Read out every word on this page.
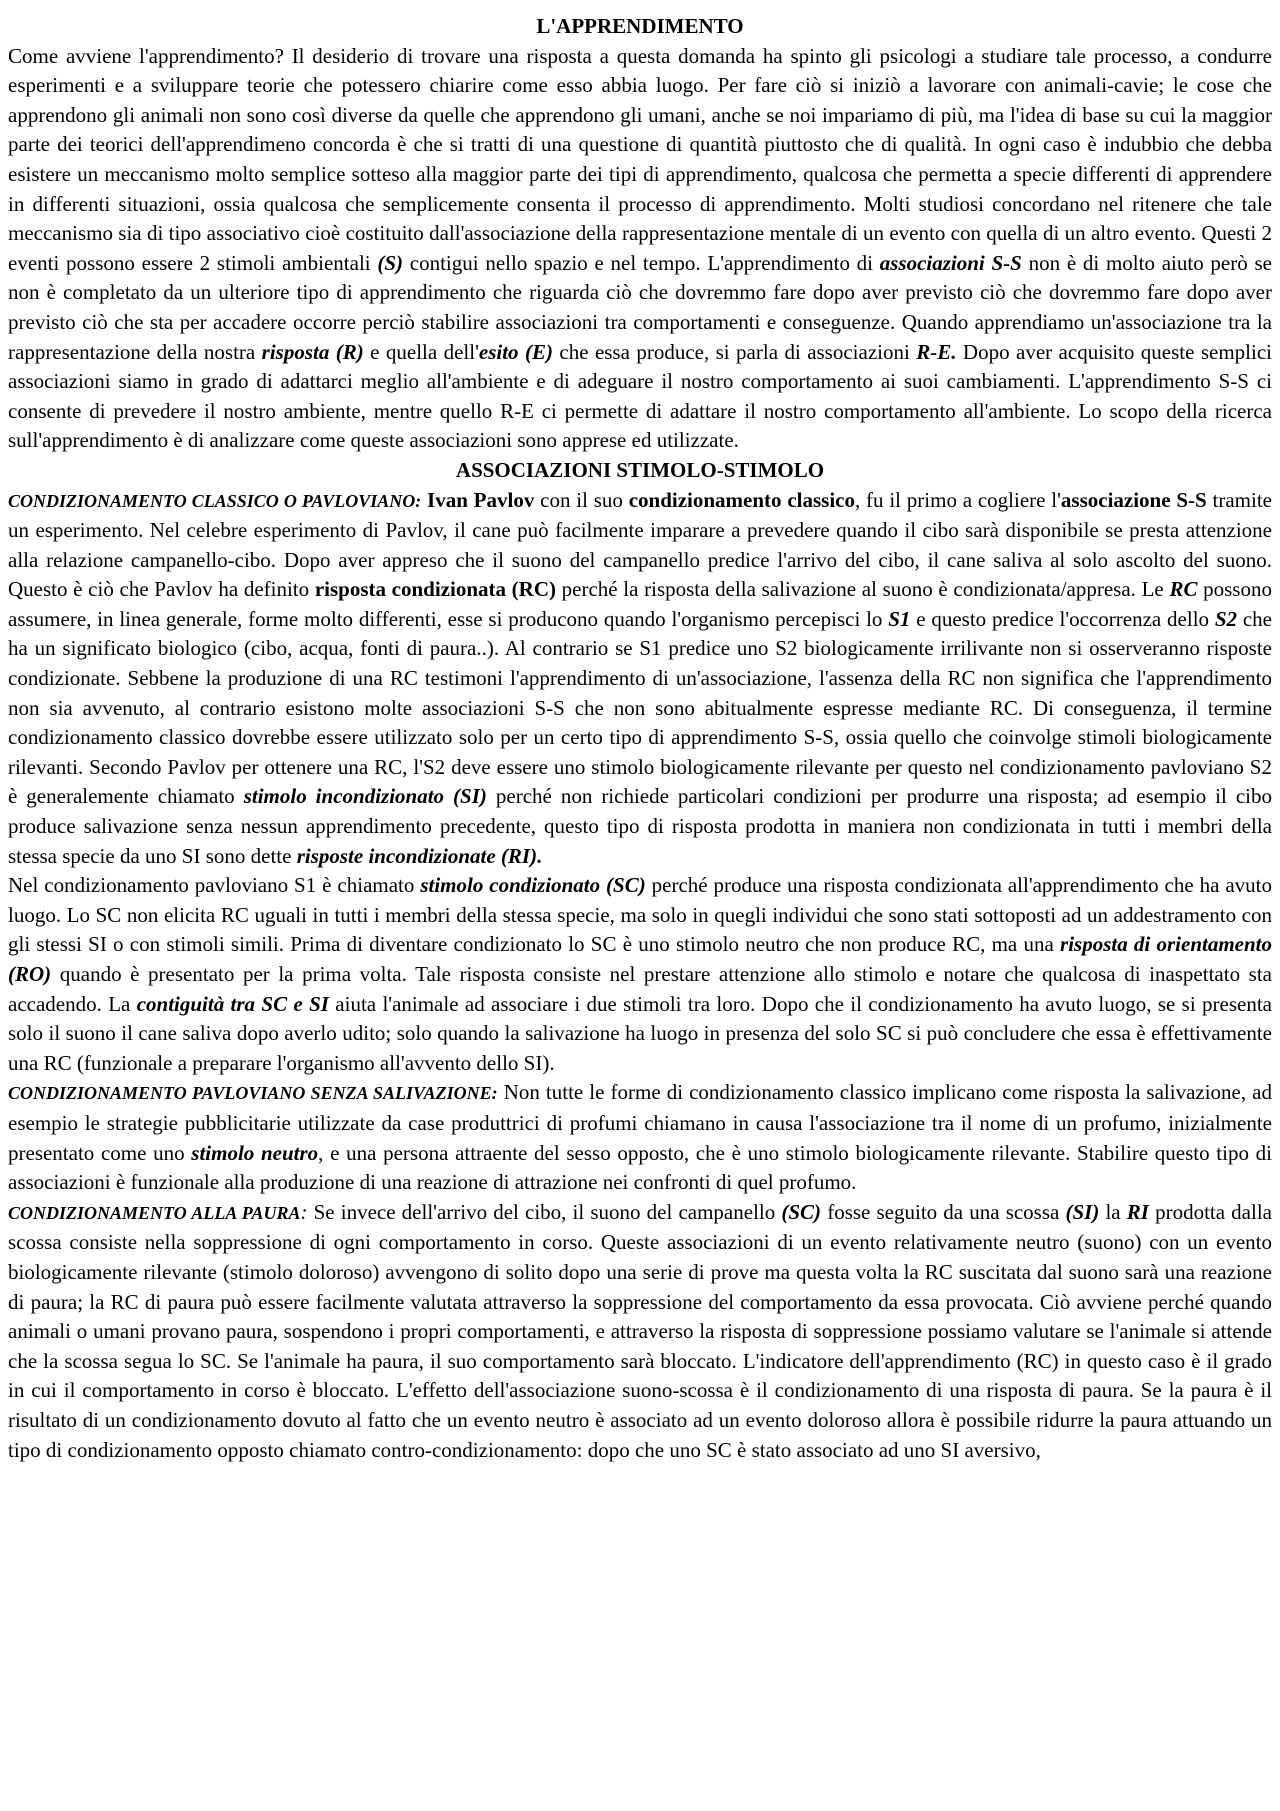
L'APPRENDIMENTO
Come avviene l'apprendimento? Il desiderio di trovare una risposta a questa domanda ha spinto gli psicologi a studiare tale processo, a condurre esperimenti e a sviluppare teorie che potessero chiarire come esso abbia luogo. Per fare ciò si iniziò a lavorare con animali-cavie; le cose che apprendono gli animali non sono così diverse da quelle che apprendono gli umani, anche se noi impariamo di più, ma l'idea di base su cui la maggior parte dei teorici dell'apprendimeno concorda è che si tratti di una questione di quantità piuttosto che di qualità. In ogni caso è indubbio che debba esistere un meccanismo molto semplice sotteso alla maggior parte dei tipi di apprendimento, qualcosa che permetta a specie differenti di apprendere in differenti situazioni, ossia qualcosa che semplicemente consenta il processo di apprendimento. Molti studiosi concordano nel ritenere che tale meccanismo sia di tipo associativo cioè costituito dall'associazione della rappresentazione mentale di un evento con quella di un altro evento. Questi 2 eventi possono essere 2 stimoli ambientali (S) contigui nello spazio e nel tempo. L'apprendimento di associazioni S-S non è di molto aiuto però se non è completato da un ulteriore tipo di apprendimento che riguarda ciò che dovremmo fare dopo aver previsto ciò che dovremmo fare dopo aver previsto ciò che sta per accadere occorre perciò stabilire associazioni tra comportamenti e conseguenze. Quando apprendiamo un'associazione tra la rappresentazione della nostra risposta (R) e quella dell'esito (E) che essa produce, si parla di associazioni R-E. Dopo aver acquisito queste semplici associazioni siamo in grado di adattarci meglio all'ambiente e di adeguare il nostro comportamento ai suoi cambiamenti. L'apprendimento S-S ci consente di prevedere il nostro ambiente, mentre quello R-E ci permette di adattare il nostro comportamento all'ambiente. Lo scopo della ricerca sull'apprendimento è di analizzare come queste associazioni sono apprese ed utilizzate.
ASSOCIAZIONI STIMOLO-STIMOLO
CONDIZIONAMENTO CLASSICO O PAVLOVIANO: Ivan Pavlov con il suo condizionamento classico, fu il primo a cogliere l'associazione S-S tramite un esperimento. Nel celebre esperimento di Pavlov, il cane può facilmente imparare a prevedere quando il cibo sarà disponibile se presta attenzione alla relazione campanello-cibo. Dopo aver appreso che il suono del campanello predice l'arrivo del cibo, il cane saliva al solo ascolto del suono. Questo è ciò che Pavlov ha definito risposta condizionata (RC) perché la risposta della salivazione al suono è condizionata/appresa. Le RC possono assumere, in linea generale, forme molto differenti, esse si producono quando l'organismo percepisci lo S1 e questo predice l'occorrenza dello S2 che ha un significato biologico (cibo, acqua, fonti di paura..). Al contrario se S1 predice uno S2 biologicamente irrilivante non si osserveranno risposte condizionate. Sebbene la produzione di una RC testimoni l'apprendimento di un'associazione, l'assenza della RC non significa che l'apprendimento non sia avvenuto, al contrario esistono molte associazioni S-S che non sono abitualmente espresse mediante RC. Di conseguenza, il termine condizionamento classico dovrebbe essere utilizzato solo per un certo tipo di apprendimento S-S, ossia quello che coinvolge stimoli biologicamente rilevanti. Secondo Pavlov per ottenere una RC, l'S2 deve essere uno stimolo biologicamente rilevante per questo nel condizionamento pavloviano S2 è generalemente chiamato stimolo incondizionato (SI) perché non richiede particolari condizioni per produrre una risposta; ad esempio il cibo produce salivazione senza nessun apprendimento precedente, questo tipo di risposta prodotta in maniera non condizionata in tutti i membri della stessa specie da uno SI sono dette risposte incondizionate (RI).
Nel condizionamento pavloviano S1 è chiamato stimolo condizionato (SC) perché produce una risposta condizionata all'apprendimento che ha avuto luogo. Lo SC non elicita RC uguali in tutti i membri della stessa specie, ma solo in quegli individui che sono stati sottoposti ad un addestramento con gli stessi SI o con stimoli simili. Prima di diventare condizionato lo SC è uno stimolo neutro che non produce RC, ma una risposta di orientamento (RO) quando è presentato per la prima volta. Tale risposta consiste nel prestare attenzione allo stimolo e notare che qualcosa di inaspettato sta accadendo. La contiguità tra SC e SI aiuta l'animale ad associare i due stimoli tra loro. Dopo che il condizionamento ha avuto luogo, se si presenta solo il suono il cane saliva dopo averlo udito; solo quando la salivazione ha luogo in presenza del solo SC si può concludere che essa è effettivamente una RC (funzionale a preparare l'organismo all'avvento dello SI).
CONDIZIONAMENTO PAVLOVIANO SENZA SALIVAZIONE: Non tutte le forme di condizionamento classico implicano come risposta la salivazione, ad esempio le strategie pubblicitarie utilizzate da case produttrici di profumi chiamano in causa l'associazione tra il nome di un profumo, inizialmente presentato come uno stimolo neutro, e una persona attraente del sesso opposto, che è uno stimolo biologicamente rilevante. Stabilire questo tipo di associazioni è funzionale alla produzione di una reazione di attrazione nei confronti di quel profumo.
CONDIZIONAMENTO ALLA PAURA: Se invece dell'arrivo del cibo, il suono del campanello (SC) fosse seguito da una scossa (SI) la RI prodotta dalla scossa consiste nella soppressione di ogni comportamento in corso. Queste associazioni di un evento relativamente neutro (suono) con un evento biologicamente rilevante (stimolo doloroso) avvengono di solito dopo una serie di prove ma questa volta la RC suscitata dal suono sarà una reazione di paura; la RC di paura può essere facilmente valutata attraverso la soppressione del comportamento da essa provocata. Ciò avviene perché quando animali o umani provano paura, sospendono i propri comportamenti, e attraverso la risposta di soppressione possiamo valutare se l'animale si attende che la scossa segua lo SC. Se l'animale ha paura, il suo comportamento sarà bloccato. L'indicatore dell'apprendimento (RC) in questo caso è il grado in cui il comportamento in corso è bloccato. L'effetto dell'associazione suono-scossa è il condizionamento di una risposta di paura. Se la paura è il risultato di un condizionamento dovuto al fatto che un evento neutro è associato ad un evento doloroso allora è possibile ridurre la paura attuando un tipo di condizionamento opposto chiamato contro-condizionamento: dopo che uno SC è stato associato ad uno SI aversivo,
